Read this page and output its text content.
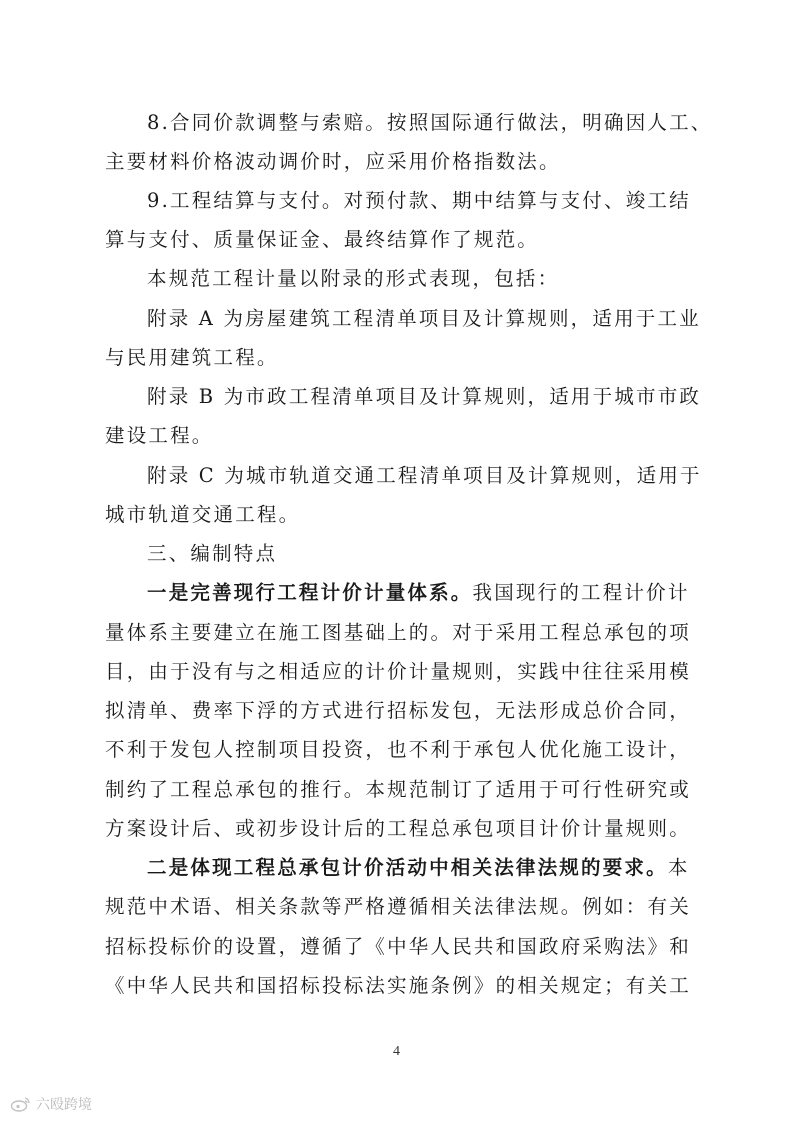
8.合同价款调整与索赔。按照国际通行做法，明确因人工、
主要材料价格波动调价时，应采用价格指数法。
9.工程结算与支付。对预付款、期中结算与支付、竣工结
算与支付、质量保证金、最终结算作了规范。
本规范工程计量以附录的形式表现，包括：
附录 A 为房屋建筑工程清单项目及计算规则，适用于工业
与民用建筑工程。
附录 B 为市政工程清单项目及计算规则，适用于城市市政
建设工程。
附录 C 为城市轨道交通工程清单项目及计算规则，适用于
城市轨道交通工程。
三、编制特点
一是完善现行工程计价计量体系。我国现行的工程计价计
量体系主要建立在施工图基础上的。对于采用工程总承包的项
目，由于没有与之相适应的计价计量规则，实践中往往采用模
拟清单、费率下浮的方式进行招标发包，无法形成总价合同，
不利于发包人控制项目投资，也不利于承包人优化施工设计，
制约了工程总承包的推行。本规范制订了适用于可行性研究或
方案设计后、或初步设计后的工程总承包项目计价计量规则。
二是体现工程总承包计价活动中相关法律法规的要求。本
规范中术语、相关条款等严格遵循相关法律法规。例如：有关
招标投标价的设置，遵循了《中华人民共和国政府采购法》和
《中华人民共和国招标投标法实施条例》的相关规定；有关工
4
六殴跨境
